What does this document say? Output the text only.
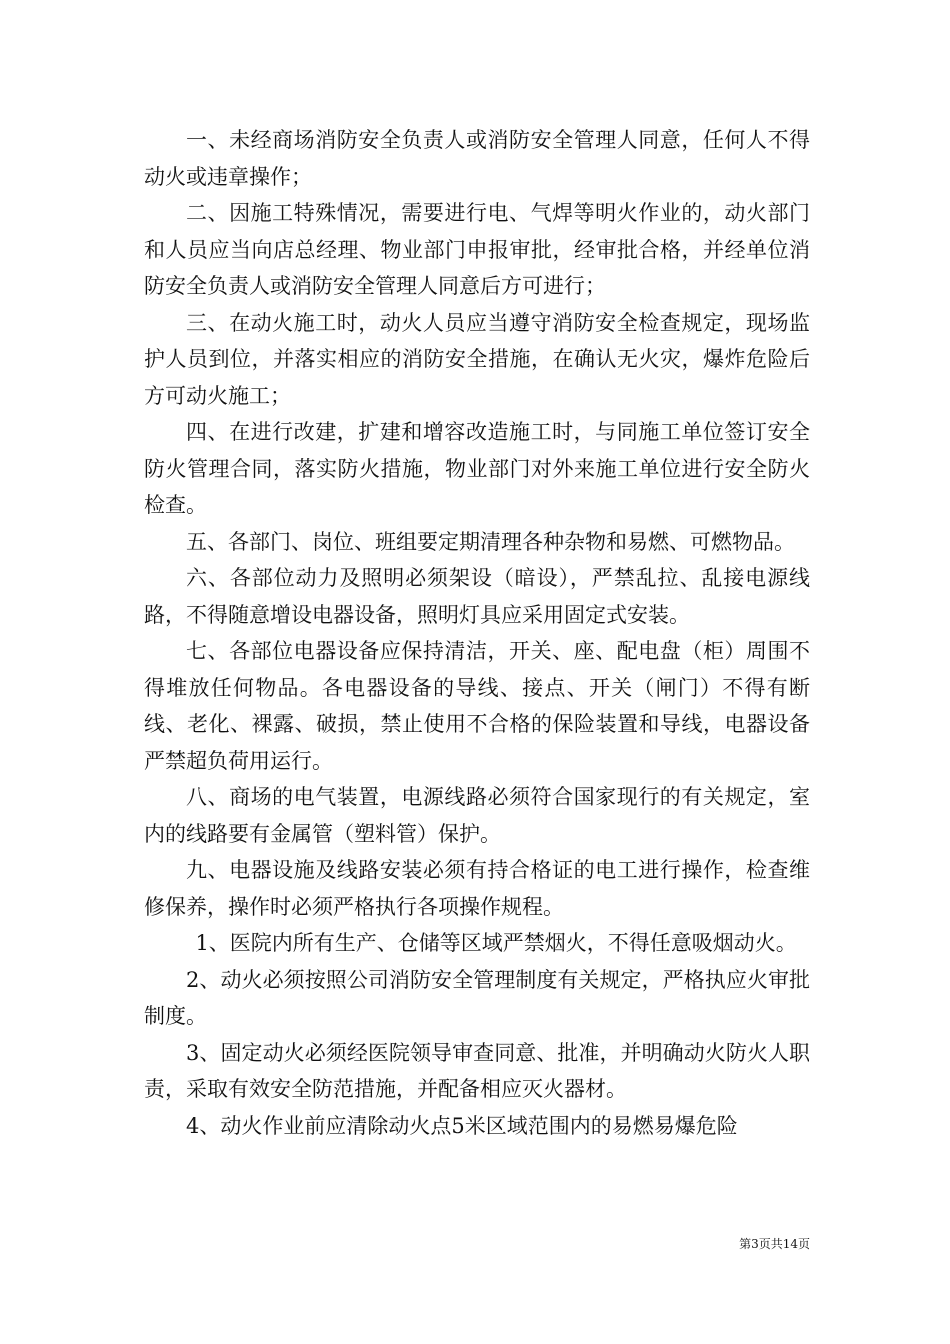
一、未经商场消防安全负责人或消防安全管理人同意，任何人不得动火或违章操作；

二、因施工特殊情况，需要进行电、气焊等明火作业的，动火部门和人员应当向店总经理、物业部门申报审批，经审批合格，并经单位消防安全负责人或消防安全管理人同意后方可进行；

三、在动火施工时，动火人员应当遵守消防安全检查规定，现场监护人员到位，并落实相应的消防安全措施，在确认无火灾，爆炸危险后方可动火施工；

四、在进行改建，扩建和增容改造施工时，与同施工单位签订安全防火管理合同，落实防火措施，物业部门对外来施工单位进行安全防火检查。

五、各部门、岗位、班组要定期清理各种杂物和易燃、可燃物品。

六、各部位动力及照明必须架设（暗设），严禁乱拉、乱接电源线路，不得随意增设电器设备，照明灯具应采用固定式安装。

七、各部位电器设备应保持清洁，开关、座、配电盘（柜）周围不得堆放任何物品。各电器设备的导线、接点、开关（闸门）不得有断线、老化、裸露、破损，禁止使用不合格的保险装置和导线，电器设备严禁超负荷用运行。

八、商场的电气装置，电源线路必须符合国家现行的有关规定，室内的线路要有金属管（塑料管）保护。

九、电器设施及线路安装必须有持合格证的电工进行操作，检查维修保养，操作时必须严格执行各项操作规程。

1、医院内所有生产、仓储等区域严禁烟火，不得任意吸烟动火。

2、动火必须按照公司消防安全管理制度有关规定，严格执应火审批制度。

3、固定动火必须经医院领导审查同意、批准，并明确动火防火人职责，采取有效安全防范措施，并配备相应灭火器材。

4、动火作业前应清除动火点5米区域范围内的易燃易爆危险

第3页共14页
